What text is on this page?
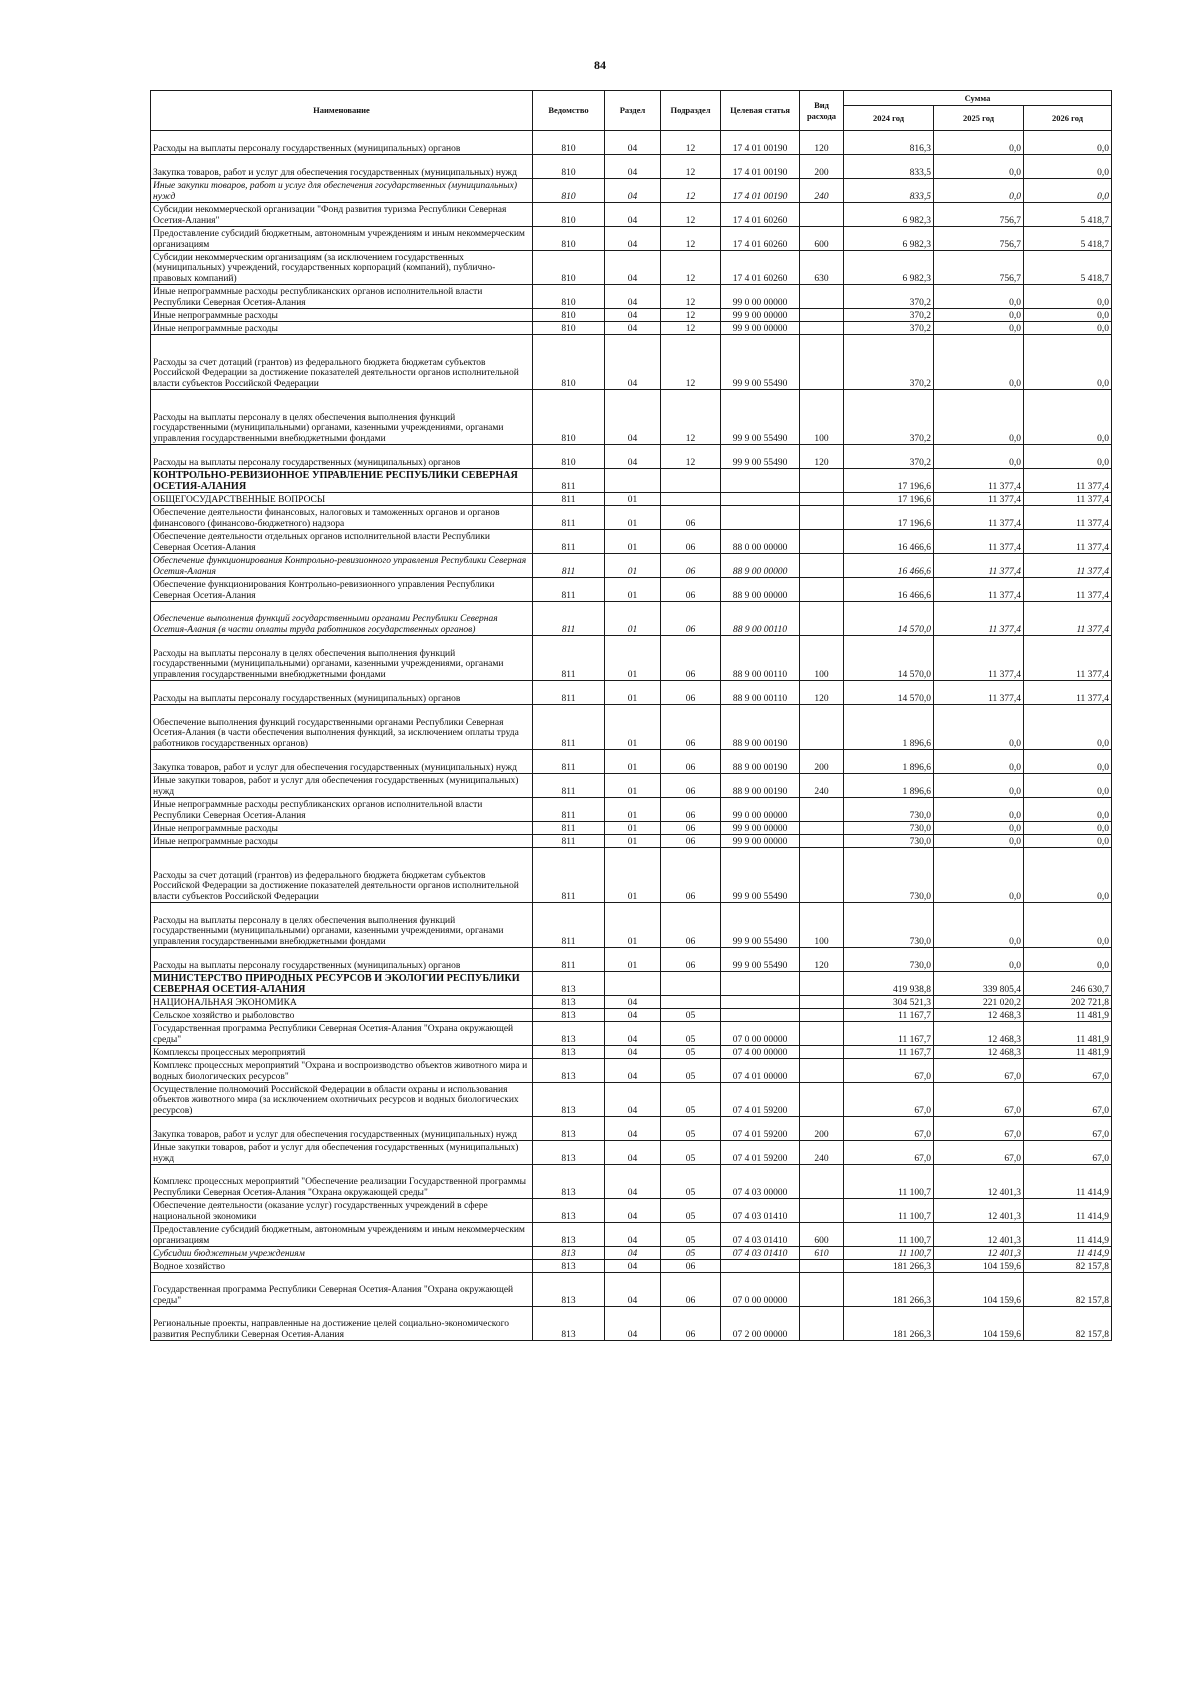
84
Наименование	Ведомство	Раздел	Подраздел	Целевая статья	Вид расхода	Сумма		
						2024 год	2025 год	2026 год
Расходы на выплаты персоналу государственных (муниципальных) органов	810	04	12	17 4 01 00190	120	816,3	0,0	0,0
Закупка товаров, работ и услуг для обеспечения государственных (муниципальных) нужд	810	04	12	17 4 01 00190	200	833,5	0,0	0,0
Иные закупки товаров, работ и услуг для обеспечения государственных (муниципальных) нужд	810	04	12	17 4 01 00190	240	833,5	0,0	0,0
Субсидии некоммерческой организации "Фонд развития туризма Республики Северная Осетия-Алания"	810	04	12	17 4 01 60260		6 982,3	756,7	5 418,7
Предоставление субсидий бюджетным, автономным учреждениям и иным некоммерческим организациям	810	04	12	17 4 01 60260	600	6 982,3	756,7	5 418,7
Субсидии некоммерческим организациям (за исключением государственных (муниципальных) учреждений, государственных корпораций (компаний), публично-правовых компаний)	810	04	12	17 4 01 60260	630	6 982,3	756,7	5 418,7
Иные непрограммные расходы республиканских органов исполнительной власти Республики Северная Осетия-Алания	810	04	12	99 0 00 00000		370,2	0,0	0,0
Иные непрограммные расходы	810	04	12	99 9 00 00000		370,2	0,0	0,0
Иные непрограммные расходы	810	04	12	99 9 00 00000		370,2	0,0	0,0
Расходы за счет дотаций (грантов) из федерального бюджета бюджетам субъектов Российской Федерации за достижение показателей деятельности органов исполнительной власти субъектов Российской Федерации	810	04	12	99 9 00 55490		370,2	0,0	0,0
Расходы на выплаты персоналу в целях обеспечения выполнения функций государственными (муниципальными) органами, казенными учреждениями, органами управления государственными внебюджетными фондами	810	04	12	99 9 00 55490	100	370,2	0,0	0,0
Расходы на выплаты персоналу государственных (муниципальных) органов	810	04	12	99 9 00 55490	120	370,2	0,0	0,0
КОНТРОЛЬНО-РЕВИЗИОННОЕ УПРАВЛЕНИЕ РЕСПУБЛИКИ СЕВЕРНАЯ ОСЕТИЯ-АЛАНИЯ	811					17 196,6	11 377,4	11 377,4
ОБЩЕГОСУДАРСТВЕННЫЕ ВОПРОСЫ	811	01				17 196,6	11 377,4	11 377,4
Обеспечение деятельности финансовых, налоговых и таможенных органов и органов финансового (финансово-бюджетного) надзора	811	01	06			17 196,6	11 377,4	11 377,4
Обеспечение деятельности отдельных органов исполнительной власти Республики Северная Осетия-Алания	811	01	06	88 0 00 00000		16 466,6	11 377,4	11 377,4
Обеспечение функционирования Контрольно-ревизионного управления Республики Северная Осетия-Алания	811	01	06	88 9 00 00000		16 466,6	11 377,4	11 377,4
Обеспечение функционирования Контрольно-ревизионного управления Республики Северная Осетия-Алания	811	01	06	88 9 00 00000		16 466,6	11 377,4	11 377,4
Обеспечение выполнения функций государственными органами Республики Северная Осетия-Алания (в части оплаты труда работников государственных органов)	811	01	06	88 9 00 00110		14 570,0	11 377,4	11 377,4
Расходы на выплаты персоналу в целях обеспечения выполнения функций государственными (муниципальными) органами, казенными учреждениями, органами управления государственными внебюджетными фондами	811	01	06	88 9 00 00110	100	14 570,0	11 377,4	11 377,4
Расходы на выплаты персоналу государственных (муниципальных) органов	811	01	06	88 9 00 00110	120	14 570,0	11 377,4	11 377,4
Обеспечение выполнения функций государственными органами Республики Северная Осетия-Алания (в части обеспечения выполнения функций, за исключением оплаты труда работников государственных органов)	811	01	06	88 9 00 00190		1 896,6	0,0	0,0
Закупка товаров, работ и услуг для обеспечения государственных (муниципальных) нужд	811	01	06	88 9 00 00190	200	1 896,6	0,0	0,0
Иные закупки товаров, работ и услуг для обеспечения государственных (муниципальных) нужд	811	01	06	88 9 00 00190	240	1 896,6	0,0	0,0
Иные непрограммные расходы республиканских органов исполнительной власти Республики Северная Осетия-Алания	811	01	06	99 0 00 00000		730,0	0,0	0,0
Иные непрограммные расходы	811	01	06	99 9 00 00000		730,0	0,0	0,0
Иные непрограммные расходы	811	01	06	99 9 00 00000		730,0	0,0	0,0
Расходы за счет дотаций (грантов) из федерального бюджета бюджетам субъектов Российской Федерации за достижение показателей деятельности органов исполнительной власти субъектов Российской Федерации	811	01	06	99 9 00 55490		730,0	0,0	0,0
Расходы на выплаты персоналу в целях обеспечения выполнения функций государственными (муниципальными) органами, казенными учреждениями, органами управления государственными внебюджетными фондами	811	01	06	99 9 00 55490	100	730,0	0,0	0,0
Расходы на выплаты персоналу государственных (муниципальных) органов	811	01	06	99 9 00 55490	120	730,0	0,0	0,0
МИНИСТЕРСТВО ПРИРОДНЫХ РЕСУРСОВ И ЭКОЛОГИИ РЕСПУБЛИКИ СЕВЕРНАЯ ОСЕТИЯ-АЛАНИЯ	813					419 938,8	339 805,4	246 630,7
НАЦИОНАЛЬНАЯ ЭКОНОМИКА	813	04				304 521,3	221 020,2	202 721,8
Сельское хозяйство и рыболовство	813	04	05			11 167,7	12 468,3	11 481,9
Государственная программа Республики Северная Осетия-Алания "Охрана окружающей среды"	813	04	05	07 0 00 00000		11 167,7	12 468,3	11 481,9
Комплексы процессных мероприятий	813	04	05	07 4 00 00000		11 167,7	12 468,3	11 481,9
Комплекс процессных мероприятий "Охрана и воспроизводство объектов животного мира и водных биологических ресурсов"	813	04	05	07 4 01 00000		67,0	67,0	67,0
Осуществление полномочий Российской Федерации в области охраны и использования объектов животного мира (за исключением охотничьих ресурсов и водных биологических ресурсов)	813	04	05	07 4 01 59200		67,0	67,0	67,0
Закупка товаров, работ и услуг для обеспечения государственных (муниципальных) нужд	813	04	05	07 4 01 59200	200	67,0	67,0	67,0
Иные закупки товаров, работ и услуг для обеспечения государственных (муниципальных) нужд	813	04	05	07 4 01 59200	240	67,0	67,0	67,0
Комплекс процессных мероприятий "Обеспечение реализации Государственной программы Республики Северная Осетия-Алания "Охрана окружающей среды"	813	04	05	07 4 03 00000		11 100,7	12 401,3	11 414,9
Обеспечение деятельности (оказание услуг) государственных учреждений в сфере национальной экономики	813	04	05	07 4 03 01410		11 100,7	12 401,3	11 414,9
Предоставление субсидий бюджетным, автономным учреждениям и иным некоммерческим организациям	813	04	05	07 4 03 01410	600	11 100,7	12 401,3	11 414,9
Субсидии бюджетным учреждениям	813	04	05	07 4 03 01410	610	11 100,7	12 401,3	11 414,9
Водное хозяйство	813	04	06			181 266,3	104 159,6	82 157,8
Государственная программа Республики Северная Осетия-Алания "Охрана окружающей среды"	813	04	06	07 0 00 00000		181 266,3	104 159,6	82 157,8
Региональные проекты, направленные на достижение целей социально-экономического развития Республики Северная Осетия-Алания	813	04	06	07 2 00 00000		181 266,3	104 159,6	82 157,8
